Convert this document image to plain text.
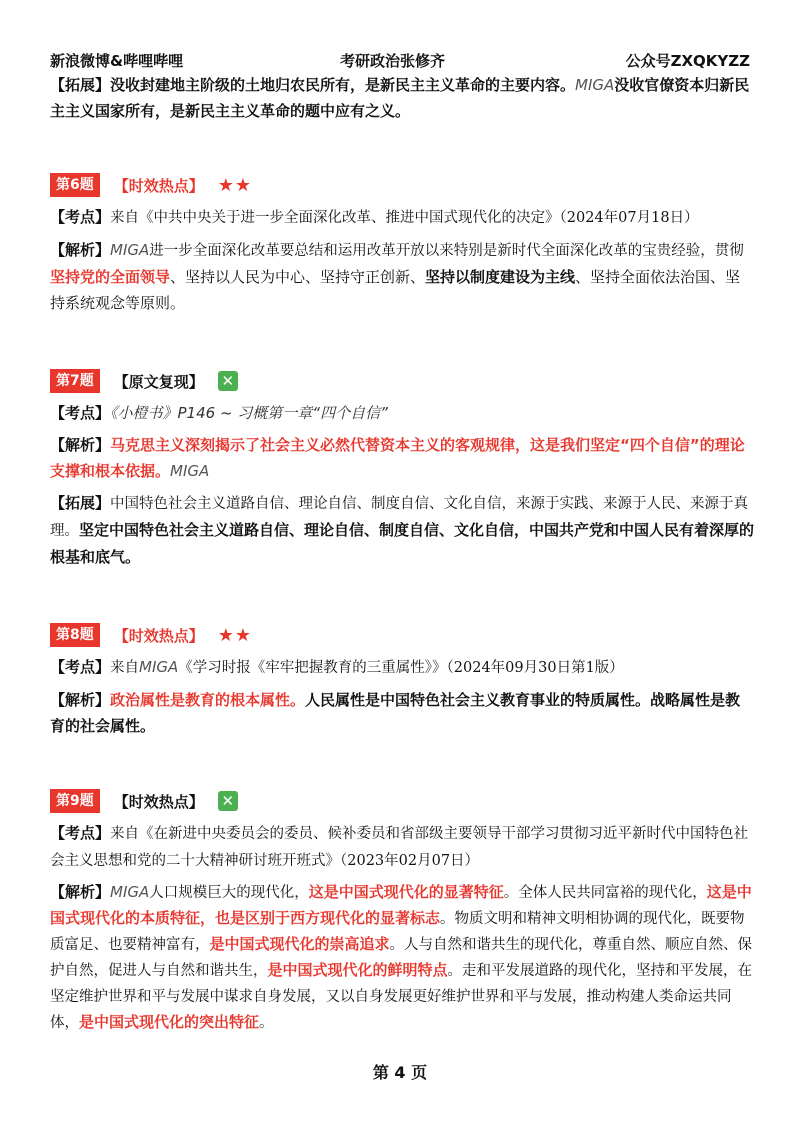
新浪微博&哔哩哔哩	考研政治张修齐	公众号ZXQKYZZ

【拓展】没收封建地主阶级的土地归农民所有，是新民主主义革命的主要内容。MIGA没收官僚资本归新民主主义国家所有，是新民主主义革命的题中应有之义。

第6题	【时效热点】 ★★

【考点】来自《中共中央关于进一步全面深化改革、推进中国式现代化的决定》（2024年07月18日）

【解析】MIGA进一步全面深化改革要总结和运用改革开放以来特别是新时代全面深化改革的宝贵经验，贯彻坚持党的全面领导、坚持以人民为中心、坚持守正创新、坚持以制度建设为主线、坚持全面依法治国、坚持系统观念等原则。

第7题	【原文复现】 ✕

【考点】《小橙书》P146 ~ 习概第一章“四个自信”

【解析】马克思主义深刻揭示了社会主义必然代替资本主义的客观规律，这是我们坚定“四个自信”的理论支撑和根本依据。MIGA

【拓展】中国特色社会主义道路自信、理论自信、制度自信、文化自信，来源于实践、来源于人民、来源于真理。坚定中国特色社会主义道路自信、理论自信、制度自信、文化自信，中国共产党和中国人民有着深厚的根基和底气。

第8题	【时效热点】 ★★

【考点】来自MIGA《学习时报《牢牢把握教育的三重属性》》（2024年09月30日第1版）

【解析】政治属性是教育的根本属性。人民属性是中国特色社会主义教育事业的特质属性。战略属性是教育的社会属性。

第9题	【时效热点】 ✕

【考点】来自《在新进中央委员会的委员、候补委员和省部级主要领导干部学习贯彻习近平新时代中国特色社会主义思想和党的二十大精神研讨班开班式》（2023年02月07日）

【解析】MIGA人口规模巨大的现代化，这是中国式现代化的显著特征。全体人民共同富裕的现代化，这是中国式现代化的本质特征，也是区别于西方现代化的显著标志。物质文明和精神文明相协调的现代化，既要物质富足、也要精神富有，是中国式现代化的崇高追求。人与自然和谐共生的现代化，尊重自然、顺应自然、保护自然，促进人与自然和谐共生，是中国式现代化的鲜明特点。走和平发展道路的现代化，坚持和平发展，在坚定维护世界和平与发展中谋求自身发展，又以自身发展更好维护世界和平与发展，推动构建人类命运共同体，是中国式现代化的突出特征。

第 4 页
